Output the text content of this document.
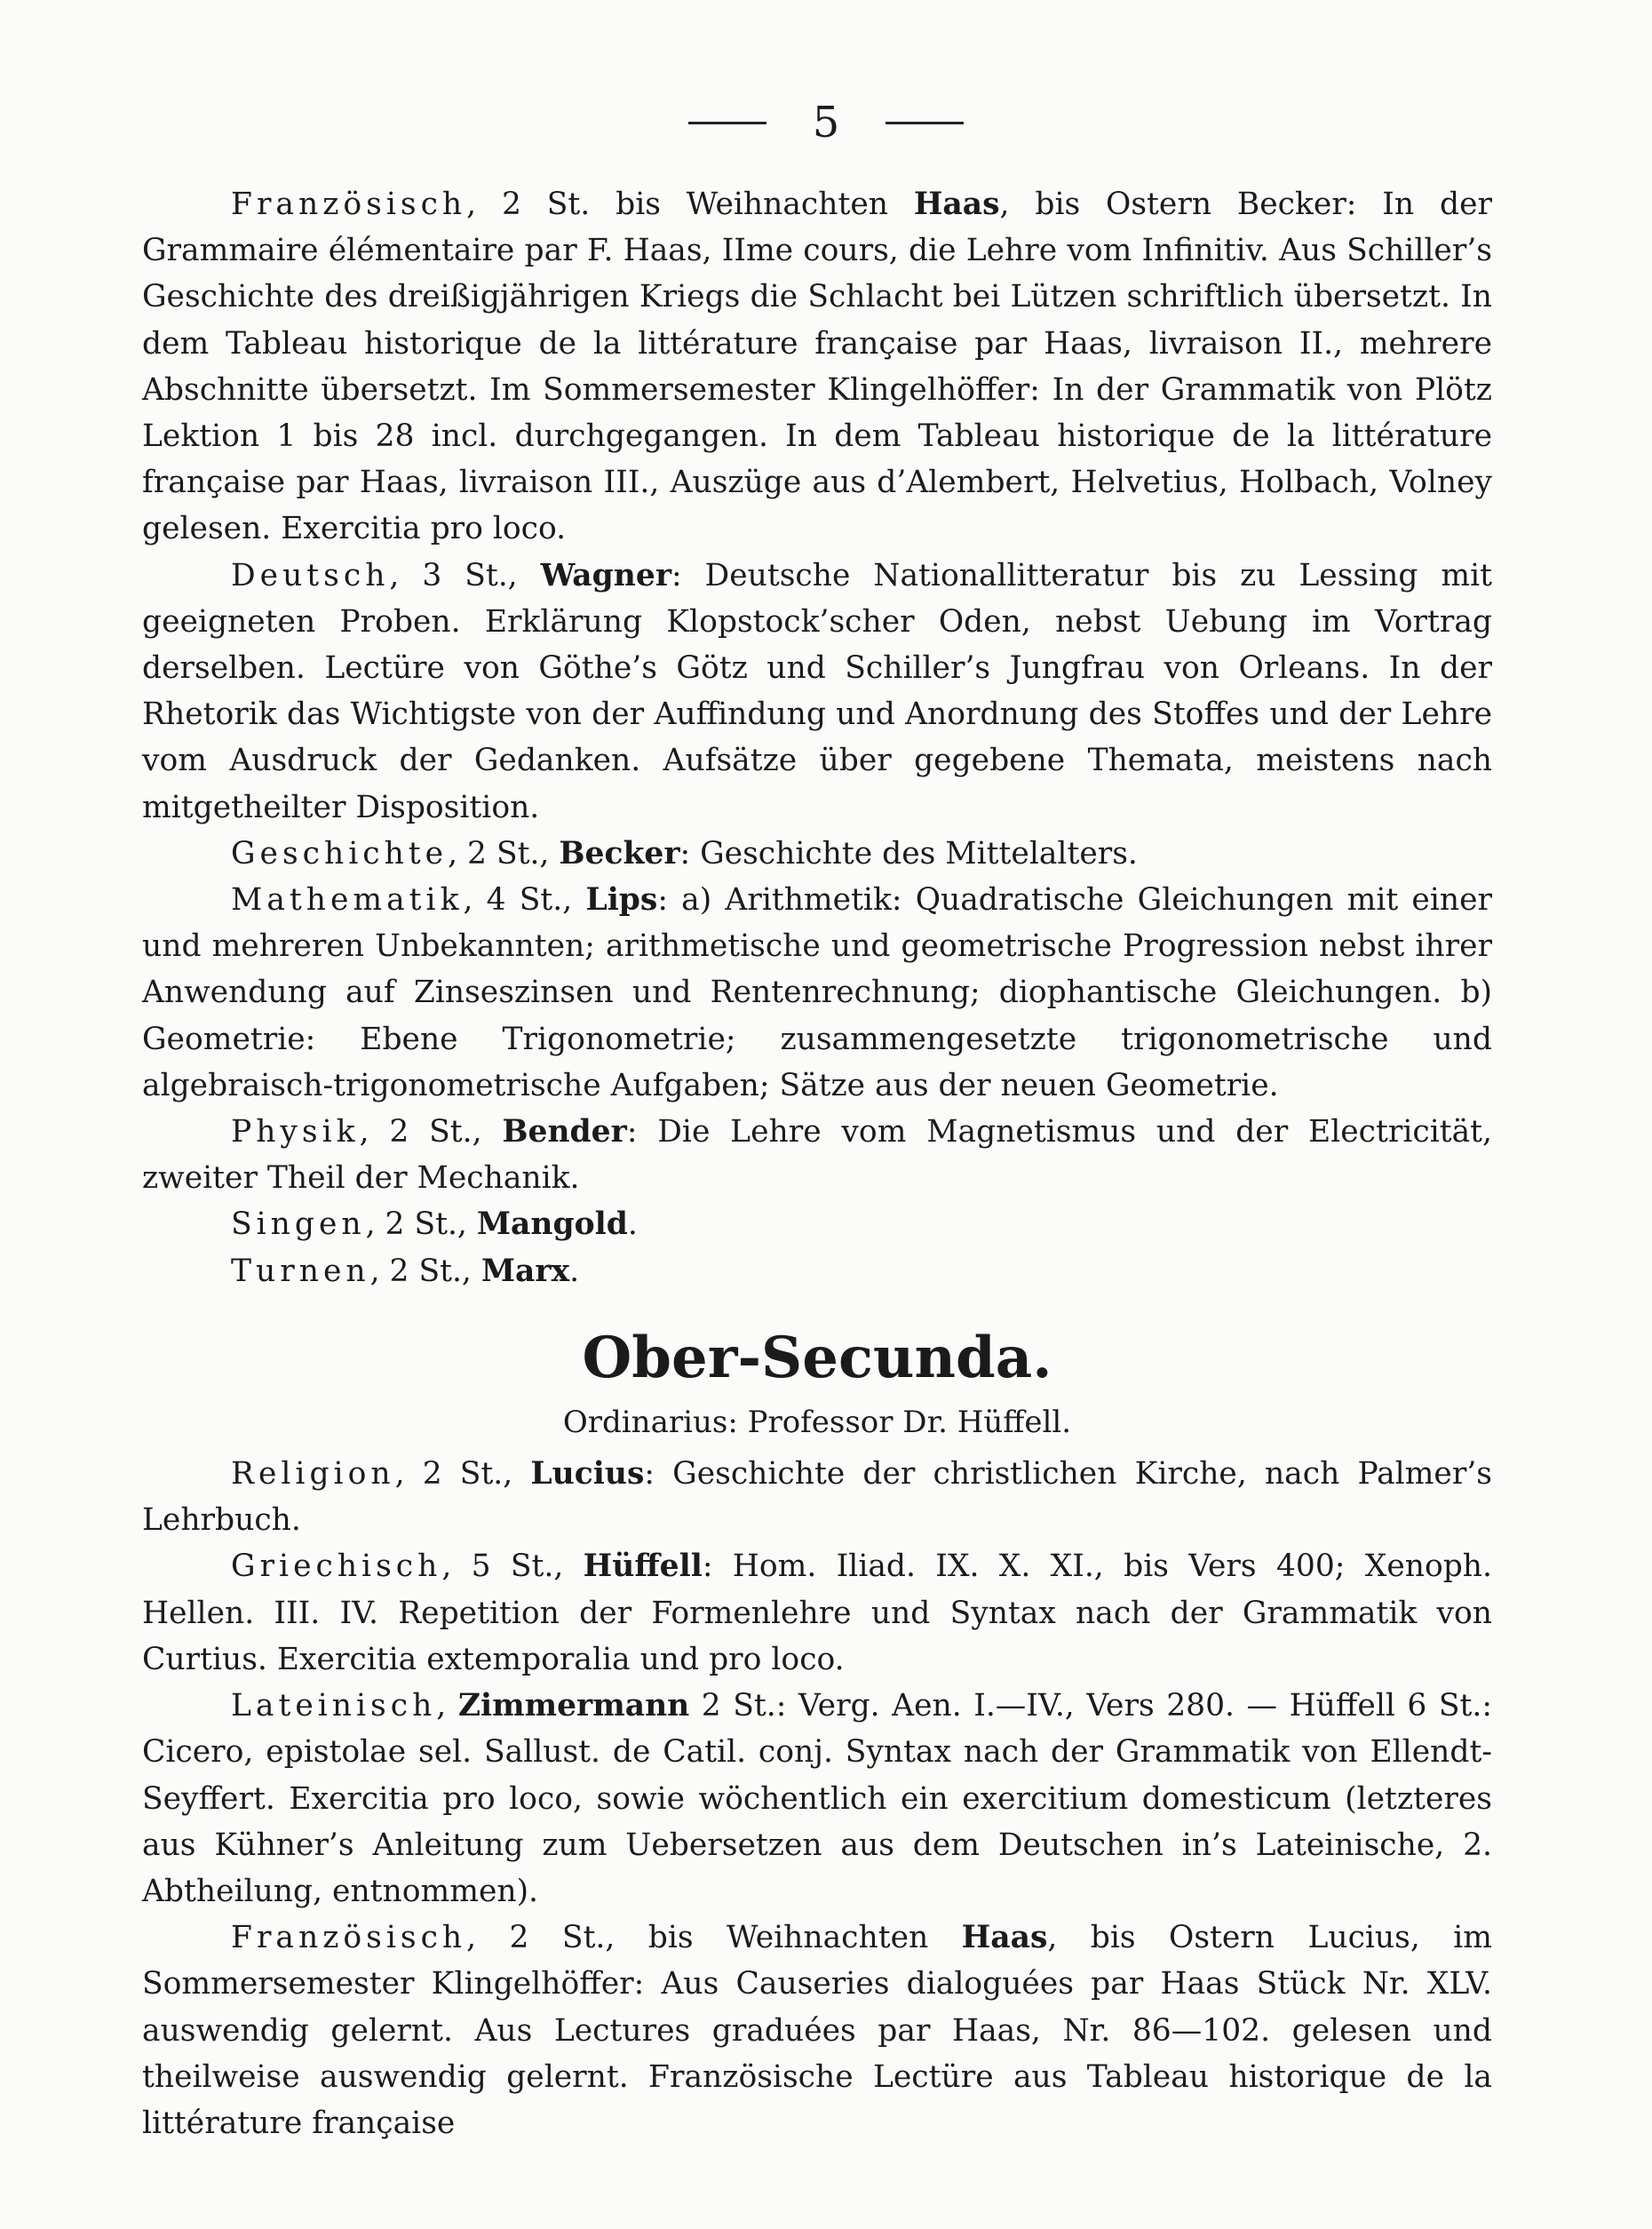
5

Französisch, 2 St. bis Weihnachten Haas, bis Ostern Becker: In der Grammaire élémentaire par F. Haas, IIme cours, die Lehre vom Infinitiv. Aus Schiller’s Geschichte des dreißigjährigen Kriegs die Schlacht bei Lützen schriftlich übersetzt. In dem Tableau historique de la littérature française par Haas, livraison II., mehrere Abschnitte übersetzt. Im Sommersemester Klingelhöffer: In der Grammatik von Plötz Lektion 1 bis 28 incl. durchgegangen. In dem Tableau historique de la littérature française par Haas, livraison III., Auszüge aus d’Alembert, Helvetius, Holbach, Volney gelesen. Exercitia pro loco.

Deutsch, 3 St., Wagner: Deutsche Nationallitteratur bis zu Lessing mit geeigneten Proben. Erklärung Klopstock’scher Oden, nebst Uebung im Vortrag derselben. Lectüre von Göthe’s Götz und Schiller’s Jungfrau von Orleans. In der Rhetorik das Wichtigste von der Auffindung und Anordnung des Stoffes und der Lehre vom Ausdruck der Gedanken. Aufsätze über gegebene Themata, meistens nach mitgetheilter Disposition.

Geschichte, 2 St., Becker: Geschichte des Mittelalters.

Mathematik, 4 St., Lips: a) Arithmetik: Quadratische Gleichungen mit einer und mehreren Unbekannten; arithmetische und geometrische Progression nebst ihrer Anwendung auf Zinseszinsen und Rentenrechnung; diophantische Gleichungen. b) Geometrie: Ebene Trigonometrie; zusammengesetzte trigonometrische und algebraisch-trigonometrische Aufgaben; Sätze aus der neuen Geometrie.

Physik, 2 St., Bender: Die Lehre vom Magnetismus und der Electricität, zweiter Theil der Mechanik.

Singen, 2 St., Mangold.

Turnen, 2 St., Marx.

Ober-Secunda.
Ordinarius: Professor Dr. Hüffell.

Religion, 2 St., Lucius: Geschichte der christlichen Kirche, nach Palmer’s Lehrbuch.

Griechisch, 5 St., Hüffell: Hom. Iliad. IX. X. XI., bis Vers 400; Xenoph. Hellen. III. IV. Repetition der Formenlehre und Syntax nach der Grammatik von Curtius. Exercitia extemporalia und pro loco.

Lateinisch, Zimmermann 2 St.: Verg. Aen. I.—IV., Vers 280. — Hüffell 6 St.: Cicero, epistolae sel. Sallust. de Catil. conj. Syntax nach der Grammatik von Ellendt-Seyffert. Exercitia pro loco, sowie wöchentlich ein exercitium domesticum (letzteres aus Kühner’s Anleitung zum Uebersetzen aus dem Deutschen in’s Lateinische, 2. Abtheilung, entnommen).

Französisch, 2 St., bis Weihnachten Haas, bis Ostern Lucius, im Sommersemester Klingelhöffer: Aus Causeries dialoguées par Haas Stück Nr. XLV. auswendig gelernt. Aus Lectures graduées par Haas, Nr. 86—102. gelesen und theilweise auswendig gelernt. Französische Lectüre aus Tableau historique de la littérature française
